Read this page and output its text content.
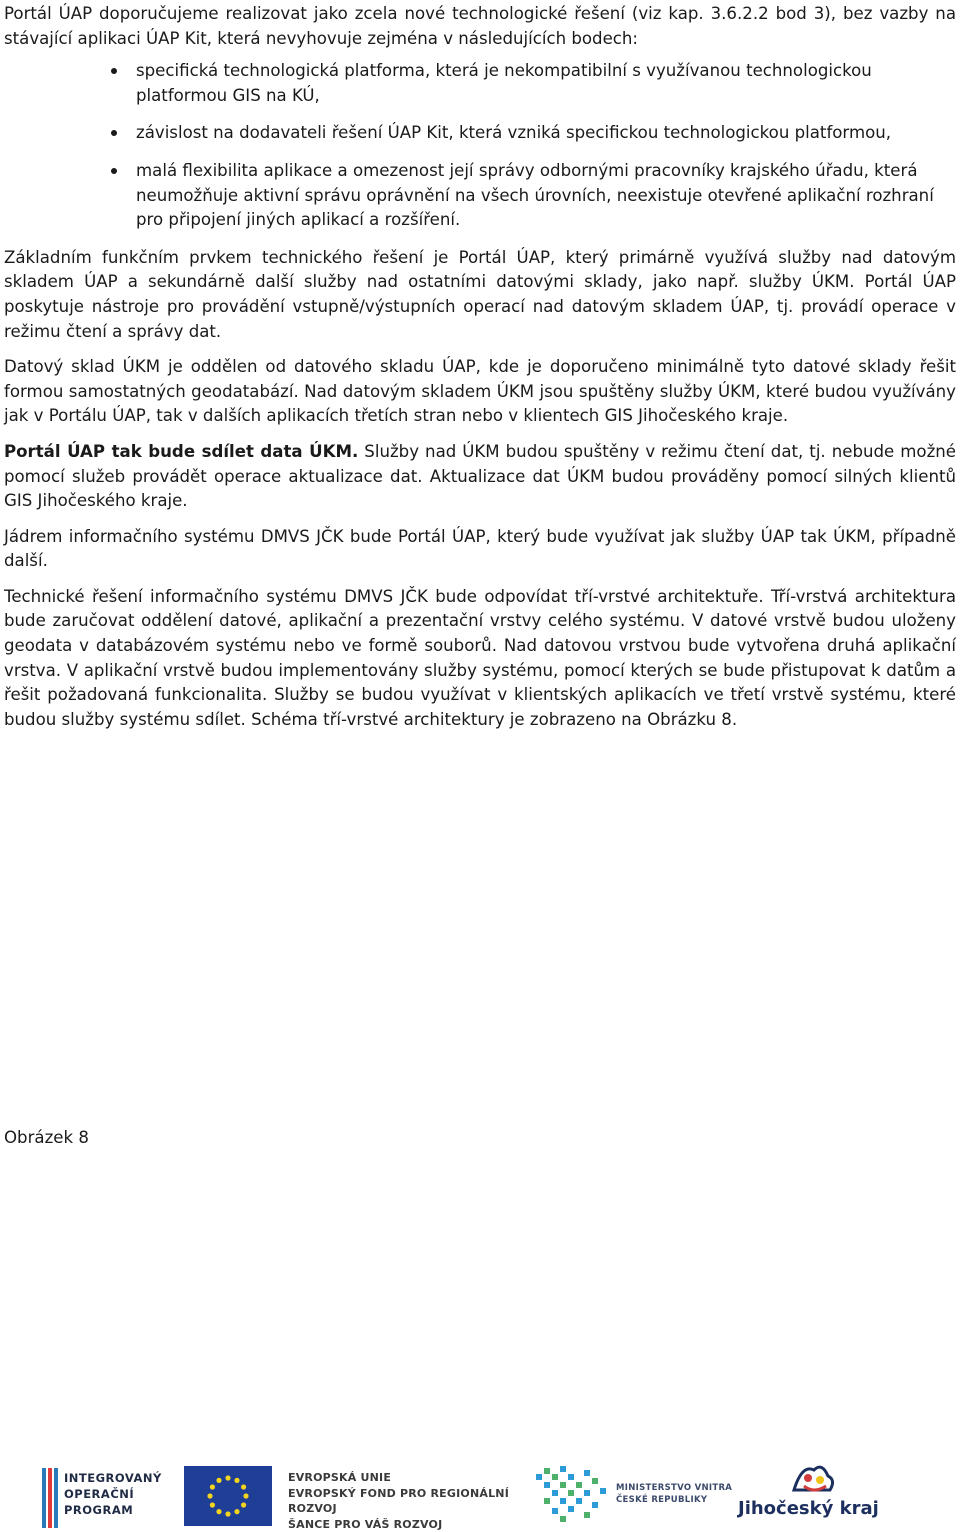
Portál ÚAP doporučujeme realizovat jako zcela nové technologické řešení (viz kap. 3.6.2.2 bod 3), bez vazby na stávající aplikaci ÚAP Kit, která nevyhovuje zejména v následujících bodech:

specifická technologická platforma, která je nekompatibilní s využívanou technologickou platformou GIS na KÚ,
závislost na dodavateli řešení ÚAP Kit, která vzniká specifickou technologickou platformou,
malá flexibilita aplikace a omezenost její správy odbornými pracovníky krajského úřadu, která neumožňuje aktivní správu oprávnění na všech úrovních, neexistuje otevřené aplikační rozhraní pro připojení jiných aplikací a rozšíření.

Základním funkčním prvkem technického řešení je Portál ÚAP, který primárně využívá služby nad datovým skladem ÚAP a sekundárně další služby nad ostatními datovými sklady, jako např. služby ÚKM. Portál ÚAP poskytuje nástroje pro provádění vstupně/výstupních operací nad datovým skladem ÚAP, tj. provádí operace v režimu čtení a správy dat.

Datový sklad ÚKM je oddělen od datového skladu ÚAP, kde je doporučeno minimálně tyto datové sklady řešit formou samostatných geodatabází. Nad datovým skladem ÚKM jsou spuštěny služby ÚKM, které budou využívány jak v Portálu ÚAP, tak v dalších aplikacích třetích stran nebo v klientech GIS Jihočeského kraje.

Portál ÚAP tak bude sdílet data ÚKM. Služby nad ÚKM budou spuštěny v režimu čtení dat, tj. nebude možné pomocí služeb provádět operace aktualizace dat. Aktualizace dat ÚKM budou prováděny pomocí silných klientů GIS Jihočeského kraje.

Jádrem informačního systému DMVS JČK bude Portál ÚAP, který bude využívat jak služby ÚAP tak ÚKM, případně další.

Technické řešení informačního systému DMVS JČK bude odpovídat tří-vrstvé architektuře. Tří-vrstvá architektura bude zaručovat oddělení datové, aplikační a prezentační vrstvy celého systému. V datové vrstvě budou uloženy geodata v databázovém systému nebo ve formě souborů. Nad datovou vrstvou bude vytvořena druhá aplikační vrstva. V aplikační vrstvě budou implementovány služby systému, pomocí kterých se bude přistupovat k datům a řešit požadovaná funkcionalita. Služby se budou využívat v klientských aplikacích ve třetí vrstvě systému, které budou služby systému sdílet. Schéma tří-vrstvé architektury je zobrazeno na Obrázku 8.

Obrázek 8
INTEGROVANÝ
OPERAČNÍ
PROGRAM
EVROPSKÁ UNIE
EVROPSKÝ FOND PRO REGIONÁLNÍ ROZVOJ
ŠANCE PRO VÁŠ ROZVOJ
MINISTERSTVO VNITRA
ČESKÉ REPUBLIKY	Jihočeský kraj
